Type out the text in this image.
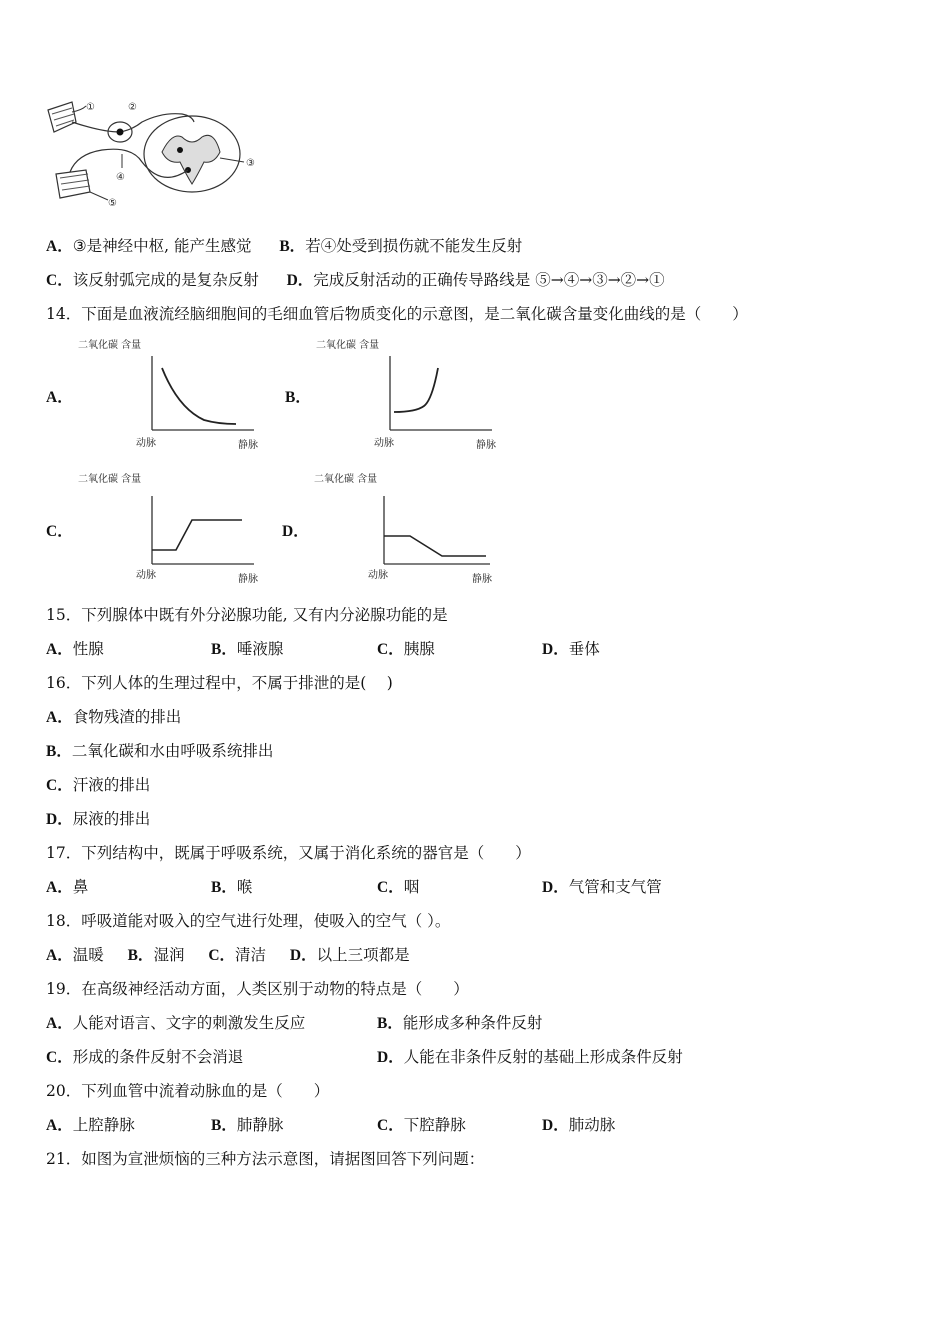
①	②
③
④
⑤
A．③是神经中枢, 能产生感觉 B．若④处受到损伤就不能发生反射
C．该反射弧完成的是复杂反射 D．完成反射活动的正确传导路线是 ⑤→④→③→②→①
14．下面是血液流经脑细胞间的毛细血管后物质变化的示意图，是二氧化碳含量变化曲线的是（　　）
A．
二氧化碳 含量
动脉	静脉
B．
二氧化碳 含量
动脉	静脉
C．
二氧化碳 含量
动脉	静脉
D．
二氧化碳 含量
动脉	静脉
15．下列腺体中既有外分泌腺功能, 又有内分泌腺功能的是
A．性腺	B．唾液腺	C．胰腺	D．垂体
16．下列人体的生理过程中，不属于排泄的是(　 )
A．食物残渣的排出
B．二氧化碳和水由呼吸系统排出
C．汗液的排出
D．尿液的排出
17．下列结构中，既属于呼吸系统，又属于消化系统的器官是（　　）
A．鼻	B．喉	C．咽	D．气管和支气管
18．呼吸道能对吸入的空气进行处理，使吸入的空气（ ）。
A．温暖 B．湿润 C．清洁 D．以上三项都是
19．在高级神经活动方面，人类区别于动物的特点是（　　）
A．人能对语言、文字的刺激发生反应	B．能形成多种条件反射
C．形成的条件反射不会消退	D．人能在非条件反射的基础上形成条件反射
20．下列血管中流着动脉血的是（　　）
A．上腔静脉	B．肺静脉	C．下腔静脉	D．肺动脉
21．如图为宣泄烦恼的三种方法示意图，请据图回答下列问题：
